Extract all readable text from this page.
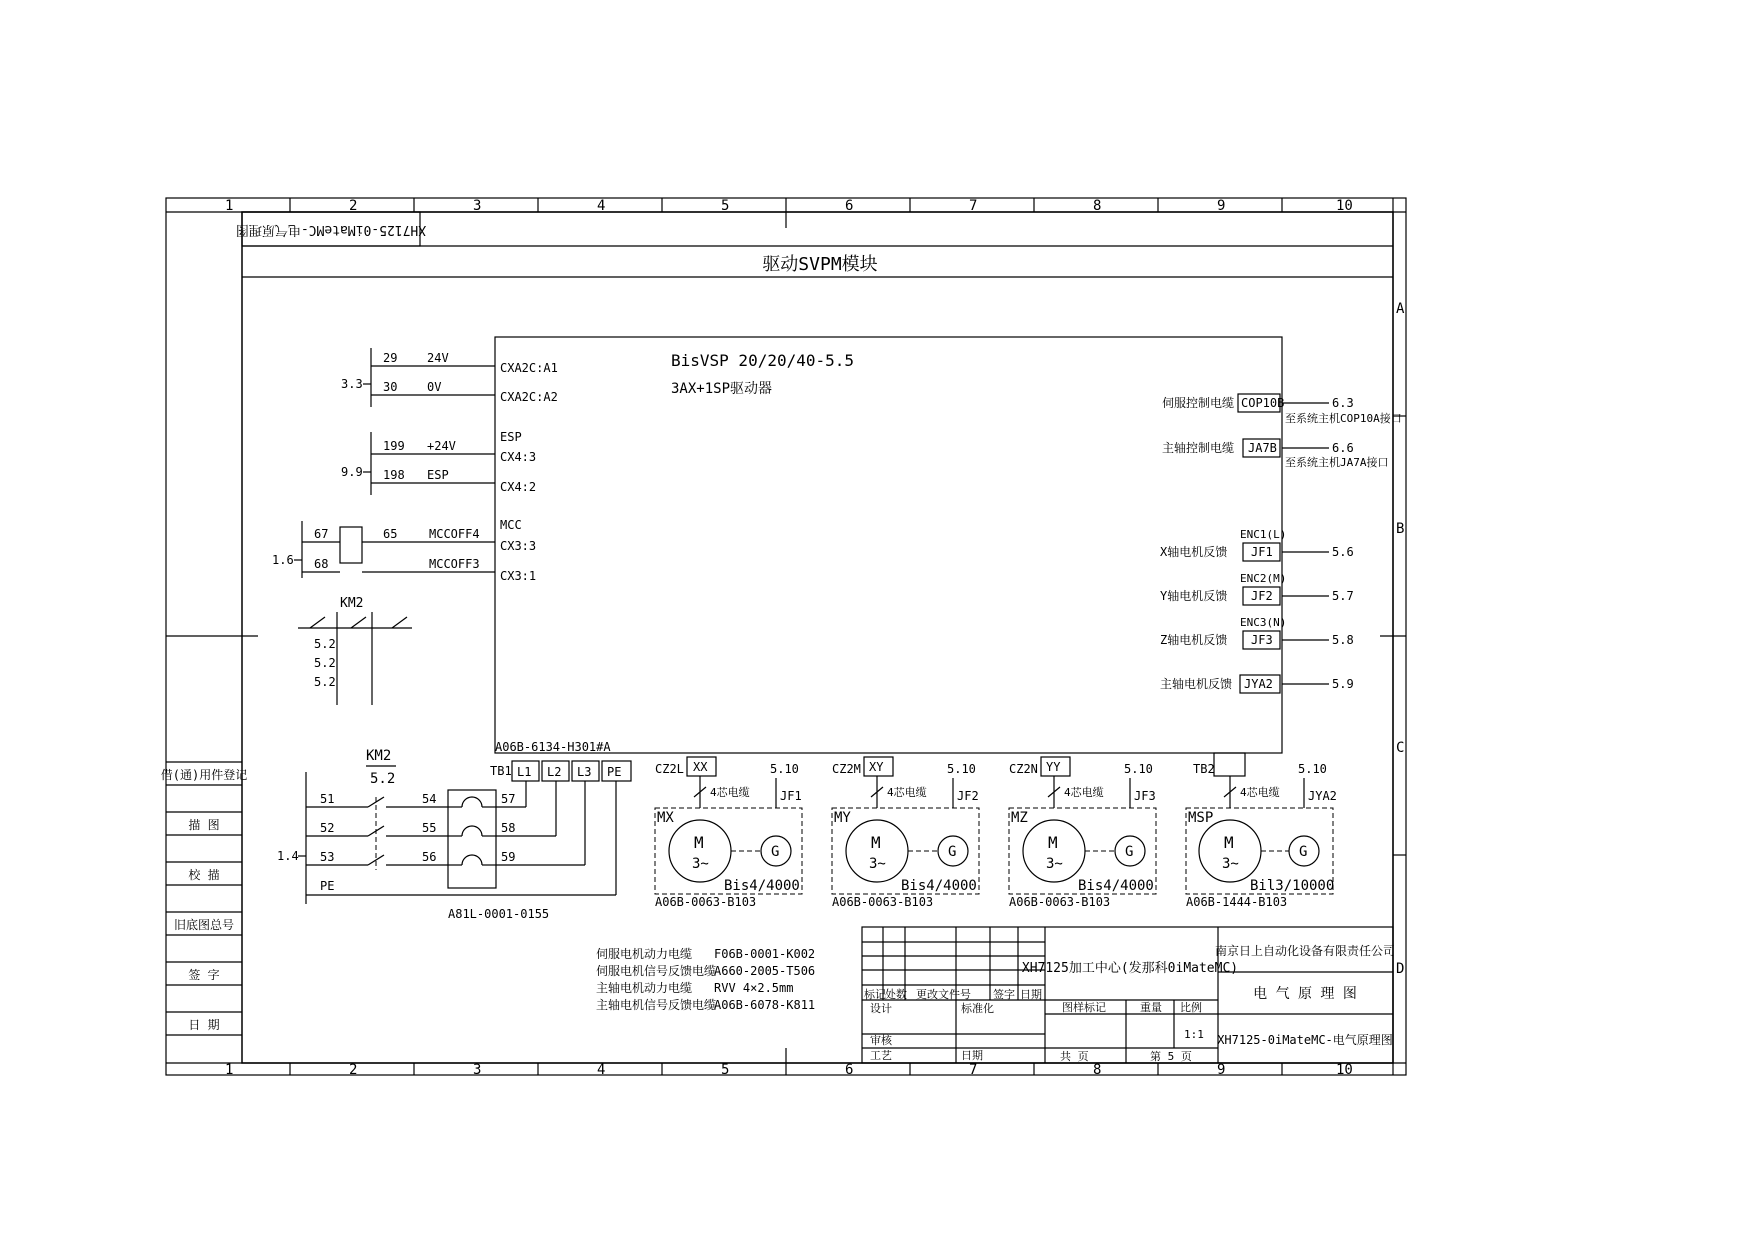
1	2	3	4	5	6	7	8	9	10
1	2	3	4	5	6	7	8	9	10
A
B
C
D
XH7125-0iMateMC-电气原理图
驱动SVPM模块
借(通)用件登记
描 图
校 描
旧底图总号
签 字
日 期
BisVSP 20/20/40-5.5
3AX+1SP驱动器
A06B-6134-H301#A
3.3
29 24V
CXA2C:A1
30 0V
CXA2C:A2
9.9
ESP
199 +24V
CX4:3
198 ESP
CX4:2
1.6
MCC
67	65	MCCOFF4
CX3:3
68	MCCOFF3
CX3:1
KM2
5.2
5.2
5.2
伺服控制电缆 COP10B	6.3
至系统主机COP10A接口
主轴控制电缆 JA7B	6.6
至系统主机JA7A接口
ENC1(L)
X轴电机反馈 JF1	5.6
ENC2(M)
Y轴电机反馈 JF2	5.7
ENC3(N)
Z轴电机反馈 JF3	5.8
主轴电机反馈 JYA2	5.9
KM2
5.2
1.4
51
52
53
PE
54
55
56
A81L-0001-0155
57
58
59
TB1 L1 L2 L3 PE	CZ2L XX	5.10
4芯电缆	JF1
MX
M
3~
G
Bis4/4000
A06B-0063-B103
CZ2M XY	5.10
4芯电缆	JF2
MY
M
3~
G
Bis4/4000
A06B-0063-B103
CZ2N YY	5.10
4芯电缆	JF3
MZ
M
3~
G
Bis4/4000
A06B-0063-B103
TB2	5.10
4芯电缆 JYA2
MSP
M
3~
G
Bil3/10000
A06B-1444-B103
伺服电机动力电缆 F06B-0001-K002
伺服电机信号反馈电缆
A660-2005-T506
主轴电机动力电缆 RVV 4×2.5mm
主轴电机信号反馈电缆
A06B-6078-K811
XH7125加工中心(发那科0iMateMC)
南京日上自动化设备有限责任公司
电 气 原 理 图
XH7125-0iMateMC-电气原理图
标记 处数 更改文件号 签字 日期
设计	标准化
审核
工艺	日期
图样标记	重量 比例
1:1
共 页	第 5 页
